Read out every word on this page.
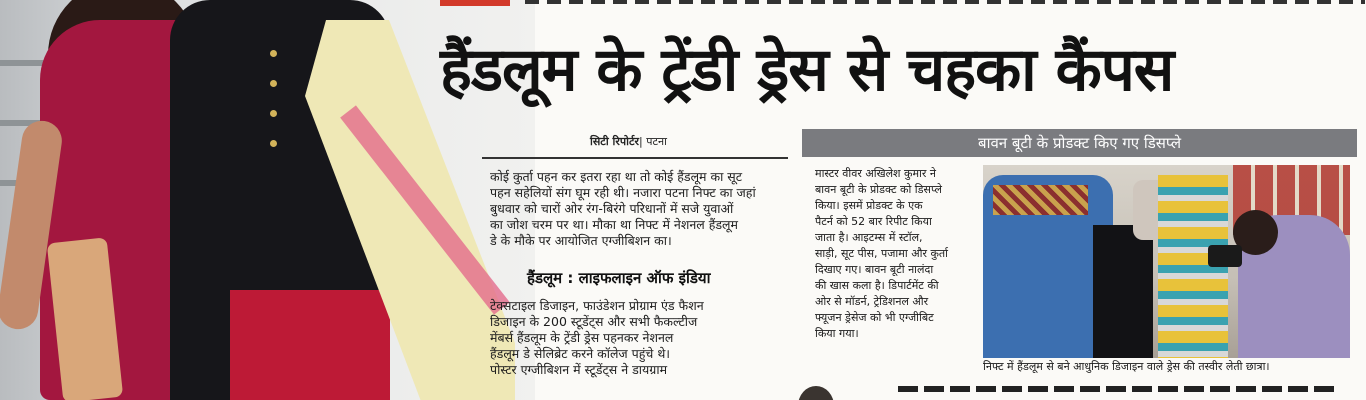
हैंडलूम के ट्रेंडी ड्रेस से चहका कैंपस
सिटी रिपोर्टर| पटना
कोई कुर्ता पहन कर इतरा रहा था तो कोई हैंडलूम का सूट
पहन सहेलियों संग घूम रही थी। नजारा पटना निफ्ट का जहां
बुधवार को चारों ओर रंग-बिरंगे परिधानों में सजे युवाओं
का जोश चरम पर था। मौका था निफ्ट में नेशनल हैंडलूम
डे के मौके पर आयोजित एग्जीबिशन का।
हैंडलूम : लाइफलाइन ऑफ इंडिया
टेक्सटाइल डिजाइन, फाउंडेशन प्रोग्राम एंड फैशन
डिजाइन के 200 स्टूडेंट्स और सभी फैकल्टीज
मेंबर्स हैंडलूम के ट्रेंडी ड्रेस पहनकर नेशनल
हैंडलूम डे सेलिब्रेट करने कॉलेज पहुंचे थे।
पोस्टर एग्जीबिशन में स्टूडेंट्स ने डायग्राम
बावन बूटी के प्रोडक्ट किए गए डिसप्ले
मास्टर वीवर अखिलेश कुमार ने
बावन बूटी के प्रोडक्ट को डिसप्ले
किया। इसमें प्रोडक्ट के एक
पैटर्न को 52 बार रिपीट किया
जाता है। आइटम्स में स्टॉल,
साड़ी, सूट पीस, पजामा और कुर्ता
दिखाए गए। बावन बूटी नालंदा
की खास कला है। डिपार्टमेंट की
ओर से मॉडर्न, ट्रेडिशनल और
फ्यूजन ड्रेसेज को भी एग्जीबिट
किया गया।
निफ्ट में हैंडलूम से बने आधुनिक डिजाइन वाले ड्रेस की तस्वीर लेती छात्रा।
